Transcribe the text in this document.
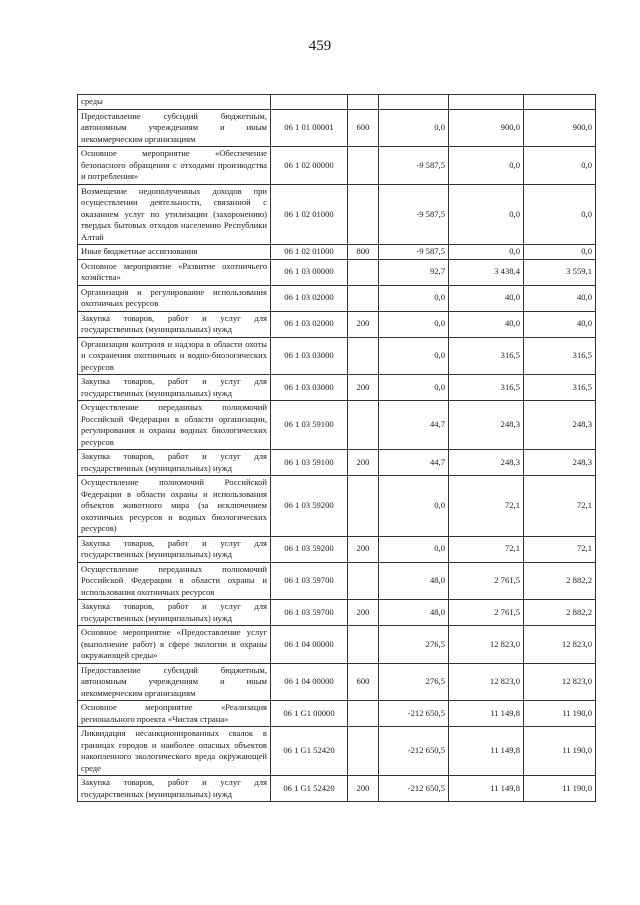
459
среды					
Предоставление субсидий бюджетным, автономным учреждениям и иным некоммерческим организациям	06 1 01 00001	600	0,0	900,0	900,0
Основное мероприятие «Обеспечение безопасного обращения с отходами производства и потребления»	06 1 02 00000		-9 587,5	0,0	0,0
Возмещение недополученных доходов при осуществлении деятельности, связанной с оказанием услуг по утилизации (захоронению) твердых бытовых отходов населению Республики Алтай	06 1 02 01000		-9 587,5	0,0	0,0
Иные бюджетные ассигнования	06 1 02 01000	800	-9 587,5	0,0	0,0
Основное мероприятие «Развитие охотничьего хозяйства»	06 1 03 00000		92,7	3 438,4	3 559,1
Организация и регулирование использования охотничьих ресурсов	06 1 03 02000		0,0	40,0	40,0
Закупка товаров, работ и услуг для государственных (муниципальных) нужд	06 1 03 02000	200	0,0	40,0	40,0
Организация контроля и надзора в области охоты и сохранения охотничьих и водно-биологических ресурсов	06 1 03 03000		0,0	316,5	316,5
Закупка товаров, работ и услуг для государственных (муниципальных) нужд	06 1 03 03000	200	0,0	316,5	316,5
Осуществление переданных полномочий Российской Федерации в области организации, регулирования и охраны водных биологических ресурсов	06 1 03 59100		44,7	248,3	248,3
Закупка товаров, работ и услуг для государственных (муниципальных) нужд	06 1 03 59100	200	44,7	248,3	248,3
Осуществление полномочий Российской Федерации в области охраны и использования объектов животного мира (за исключением охотничьих ресурсов и водных биологических ресурсов)	06 1 03 59200		0,0	72,1	72,1
Закупка товаров, работ и услуг для государственных (муниципальных) нужд	06 1 03 59200	200	0,0	72,1	72,1
Осуществление переданных полномочий Российской Федерации в области охраны и использования охотничьих ресурсов	06 1 03 59700		48,0	2 761,5	2 882,2
Закупка товаров, работ и услуг для государственных (муниципальных) нужд	06 1 03 59700	200	48,0	2 761,5	2 882,2
Основное мероприятие «Предоставление услуг (выполнение работ) в сфере экологии и охраны окружающей среды»	06 1 04 00000		276,5	12 823,0	12 823,0
Предоставление субсидий бюджетным, автономным учреждениям и иным некоммерческим организациям	06 1 04 00000	600	276,5	12 823,0	12 823,0
Основное мероприятие «Реализация регионального проекта «Чистая страна»	06 1 G1 00000		-212 650,5	11 149,8	11 190,0
Ликвидация несанкционированных свалок в границах городов и наиболее опасных объектов накопленного экологического вреда окружающей среде	06 1 G1 52420		-212 650,5	11 149,8	11 190,0
Закупка товаров, работ и услуг для государственных (муниципальных) нужд	06 1 G1 52420	200	-212 650,5	11 149,8	11 190,0
